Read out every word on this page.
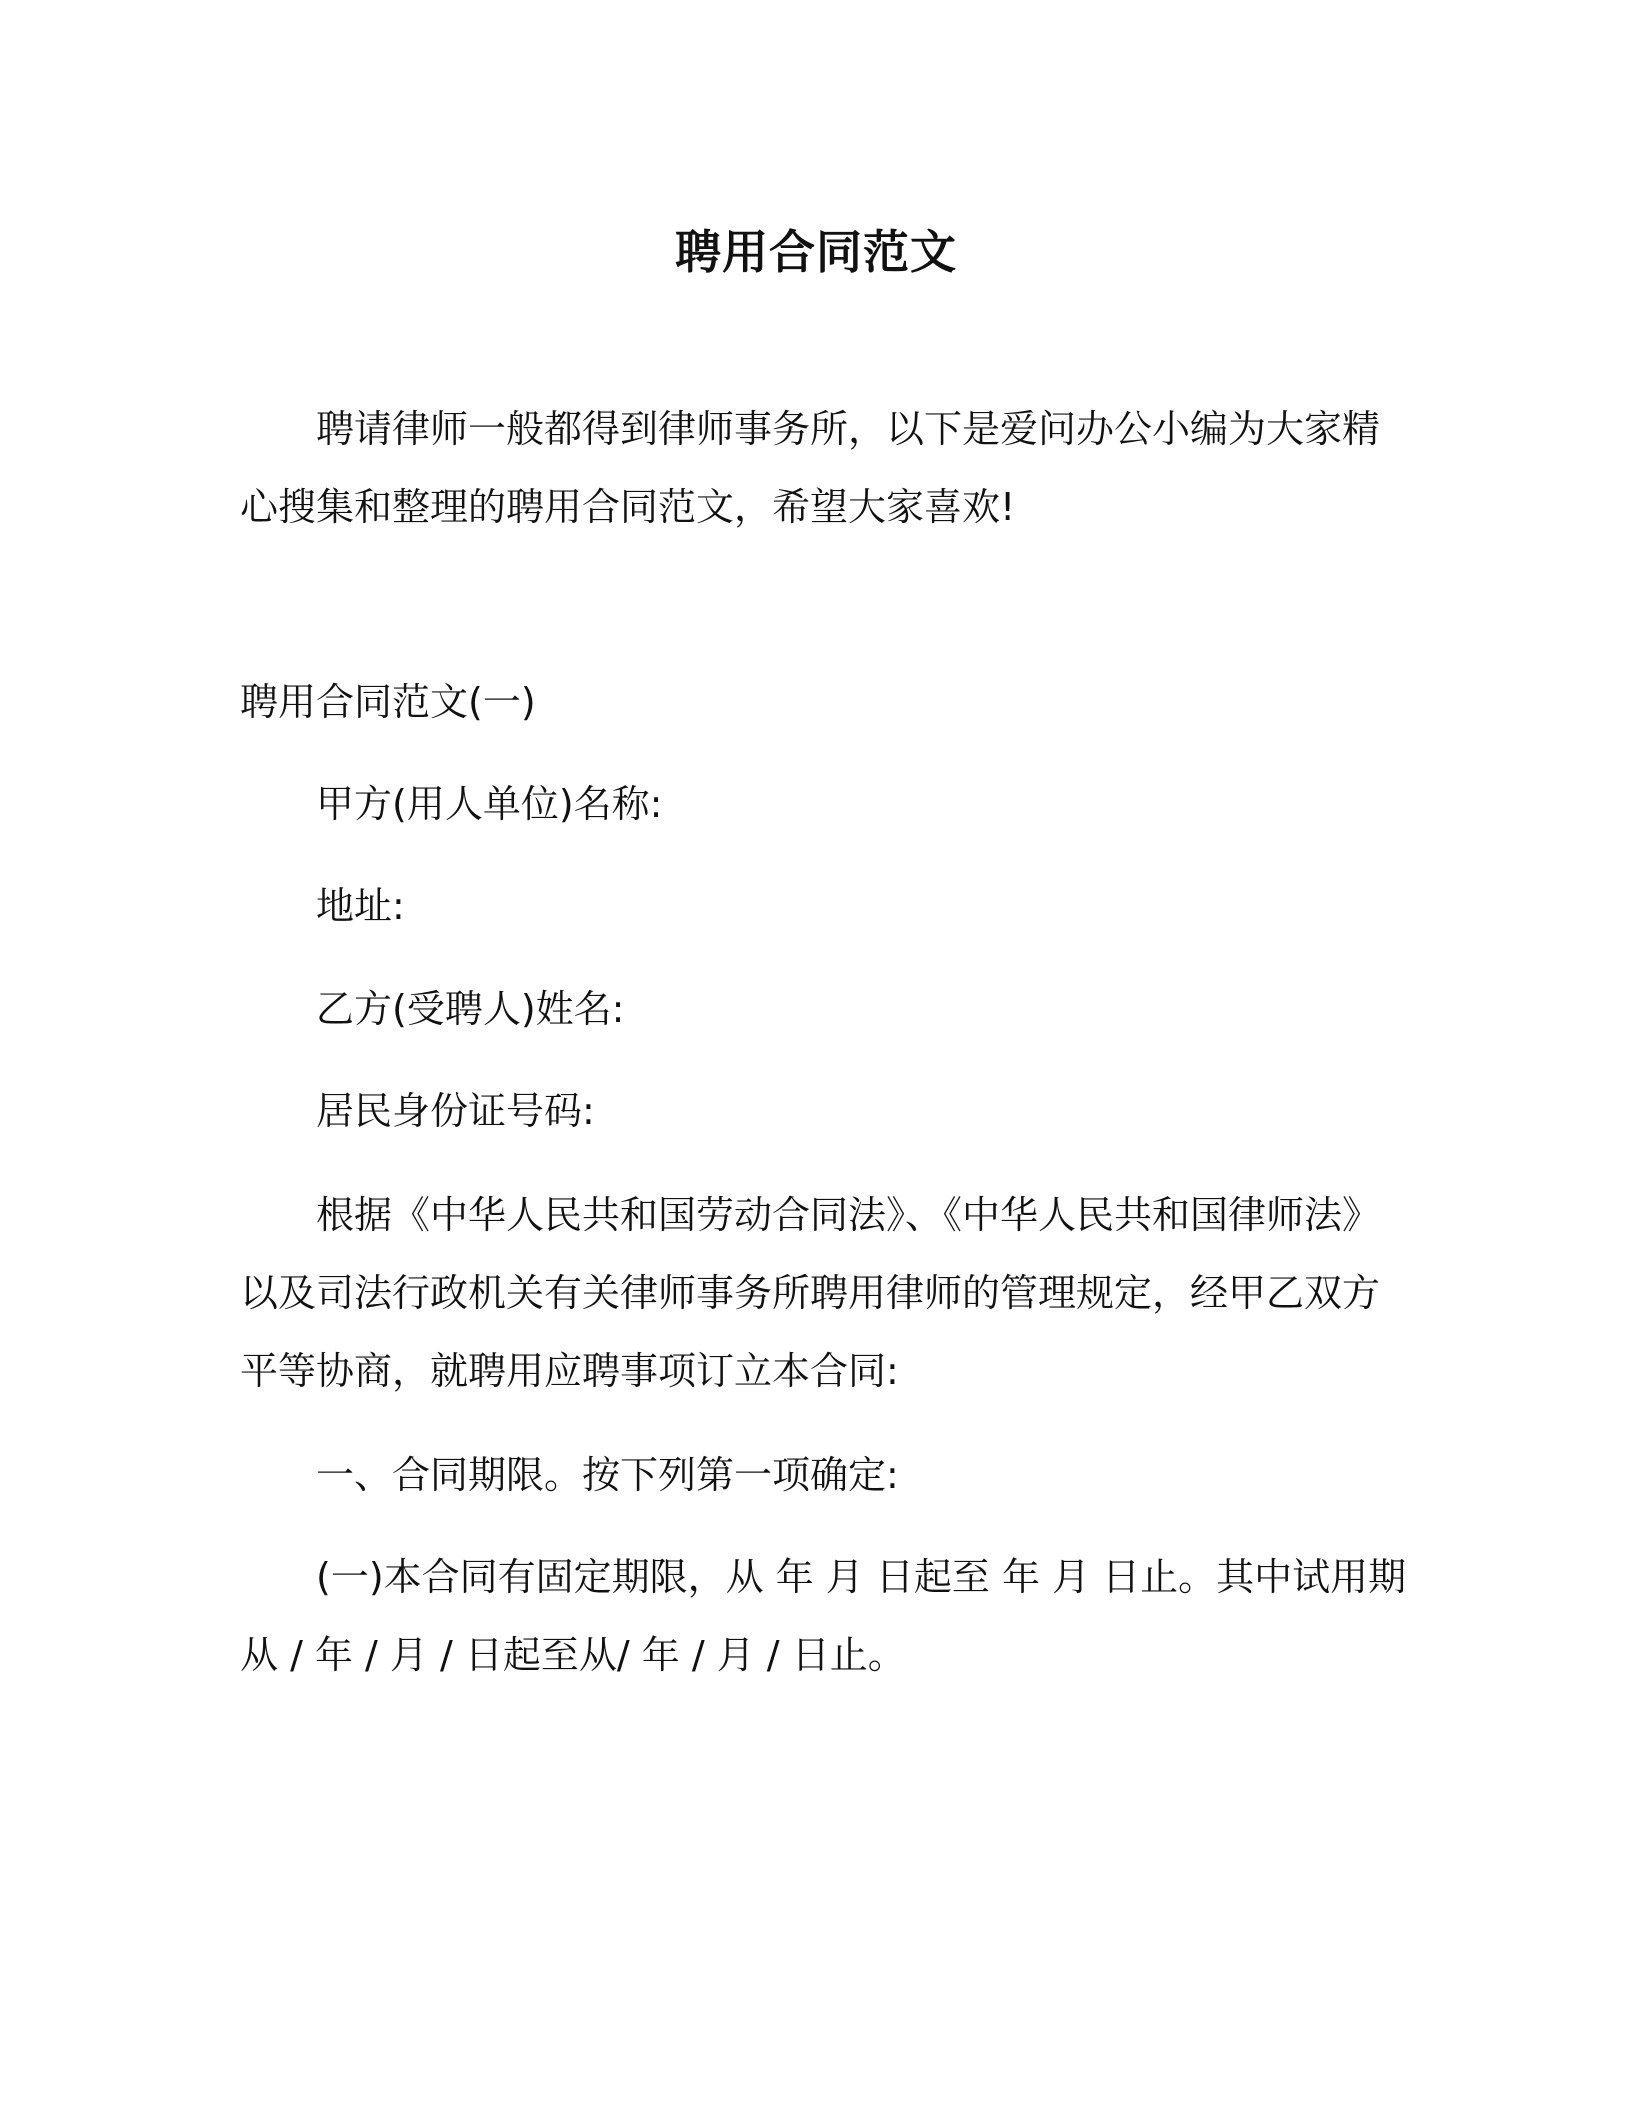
聘用合同范文

聘请律师一般都得到律师事务所，以下是爱问办公小编为大家精
心搜集和整理的聘用合同范文，希望大家喜欢!

聘用合同范文(一)

甲方(用人单位)名称:

地址:

乙方(受聘人)姓名:

居民身份证号码:

根据《中华人民共和国劳动合同法》、《中华人民共和国律师法》
以及司法行政机关有关律师事务所聘用律师的管理规定，经甲乙双方
平等协商，就聘用应聘事项订立本合同:

一、合同期限。按下列第一项确定:

(一)本合同有固定期限，从 年 月 日起至 年 月 日止。其中试用期
从 / 年 / 月 / 日起至从/ 年 / 月 / 日止。
